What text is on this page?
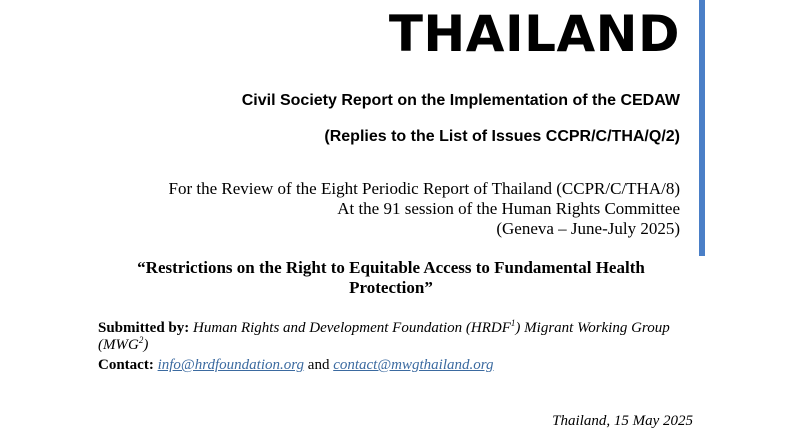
THAILAND

Civil Society Report on the Implementation of the CEDAW

(Replies to the List of Issues CCPR/C/THA/Q/2)

For the Review of the Eight Periodic Report of Thailand (CCPR/C/THA/8)
At the 91 session of the Human Rights Committee
(Geneva – June-July 2025)

“Restrictions on the Right to Equitable Access to Fundamental Health Protection”

Submitted by: Human Rights and Development Foundation (HRDF$^1$) Migrant Working Group (MWG$^2$)
Contact: info@hrdfoundation.org and contact@mwgthailand.org
Thailand, 15 May 2025
